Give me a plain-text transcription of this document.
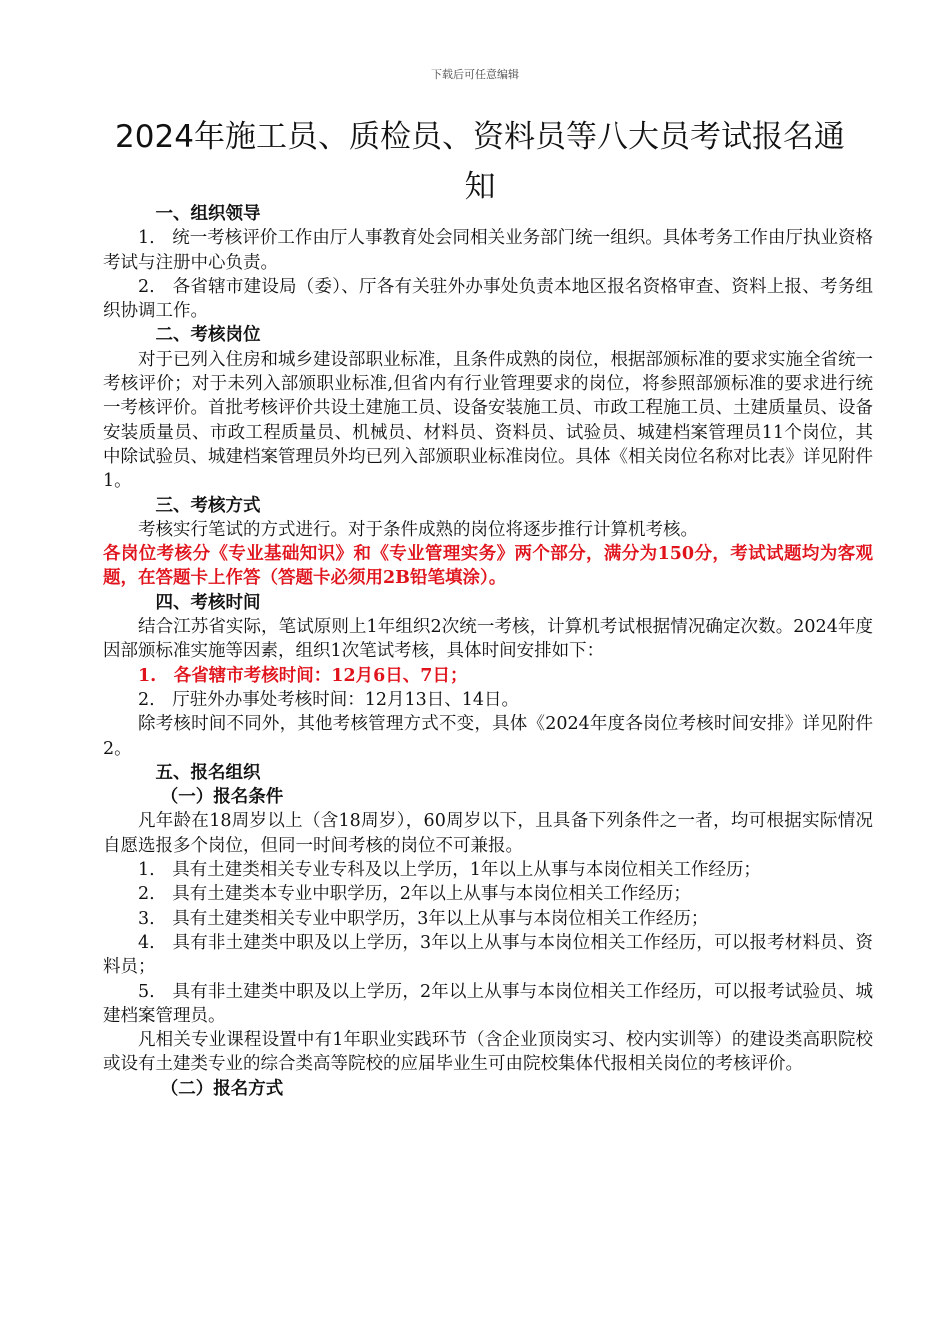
下载后可任意编辑
2024年施工员、质检员、资料员等八大员考试报名通知

一、组织领导

1.　统一考核评价工作由厅人事教育处会同相关业务部门统一组织。具体考务工作由厅执业资格考试与注册中心负责。

2.　各省辖市建设局（委）、厅各有关驻外办事处负责本地区报名资格审查、资料上报、考务组织协调工作。

二、考核岗位

对于已列入住房和城乡建设部职业标准，且条件成熟的岗位，根据部颁标准的要求实施全省统一考核评价；对于未列入部颁职业标准,但省内有行业管理要求的岗位，将参照部颁标准的要求进行统一考核评价。首批考核评价共设土建施工员、设备安装施工员、市政工程施工员、土建质量员、设备安装质量员、市政工程质量员、机械员、材料员、资料员、试验员、城建档案管理员11个岗位，其中除试验员、城建档案管理员外均已列入部颁职业标准岗位。具体《相关岗位名称对比表》详见附件1。

三、考核方式

考核实行笔试的方式进行。对于条件成熟的岗位将逐步推行计算机考核。

各岗位考核分《专业基础知识》和《专业管理实务》两个部分，满分为150分，考试试题均为客观题，在答题卡上作答（答题卡必须用2B铅笔填涂）。

四、考核时间

结合江苏省实际，笔试原则上1年组织2次统一考核，计算机考试根据情况确定次数。2024年度因部颁标准实施等因素，组织1次笔试考核，具体时间安排如下：

1.　各省辖市考核时间：12月6日、7日；

2.　厅驻外办事处考核时间：12月13日、14日。

除考核时间不同外，其他考核管理方式不变，具体《2024年度各岗位考核时间安排》详见附件2。

五、报名组织

（一）报名条件

凡年龄在18周岁以上（含18周岁），60周岁以下，且具备下列条件之一者，均可根据实际情况自愿选报多个岗位，但同一时间考核的岗位不可兼报。

1.　具有土建类相关专业专科及以上学历，1年以上从事与本岗位相关工作经历；

2.　具有土建类本专业中职学历，2年以上从事与本岗位相关工作经历；

3.　具有土建类相关专业中职学历，3年以上从事与本岗位相关工作经历；

4.　具有非土建类中职及以上学历，3年以上从事与本岗位相关工作经历，可以报考材料员、资料员；

5.　具有非土建类中职及以上学历，2年以上从事与本岗位相关工作经历，可以报考试验员、城建档案管理员。

凡相关专业课程设置中有1年职业实践环节（含企业顶岗实习、校内实训等）的建设类高职院校或设有土建类专业的综合类高等院校的应届毕业生可由院校集体代报相关岗位的考核评价。

（二）报名方式
